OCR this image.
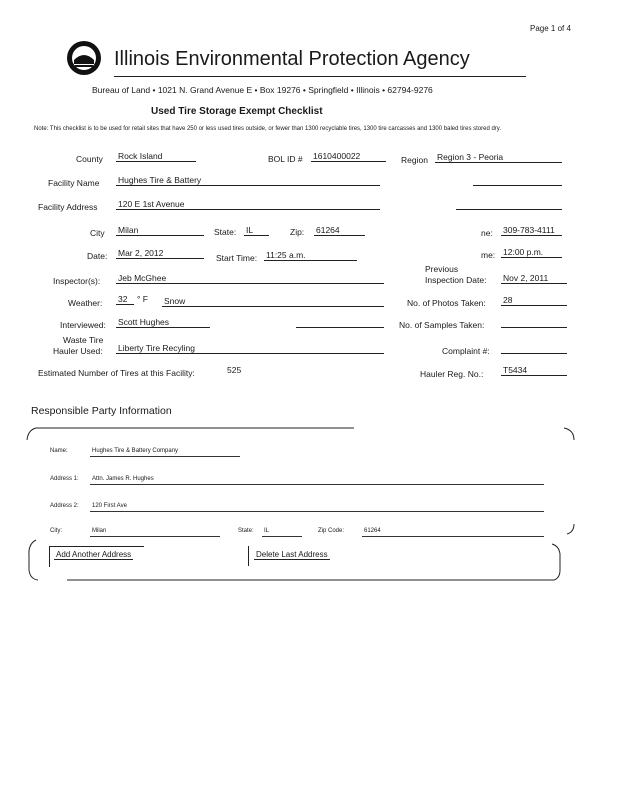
Page 1 of 4
Illinois Environmental Protection Agency
Bureau of Land • 1021 N. Grand Avenue E • Box 19276 • Springfield • Illinois • 62794-9276
Used Tire Storage Exempt Checklist
Note: This checklist is to be used for retail sites that have 250 or less used tires outside, or fewer than 1300 recyclable tires, 1300 tire carcasses and 1300 baled tires stored dry.
County Rock Island	BOL ID # 1610400022	Region Region 3 - Peoria
Facility Name Hughes Tire & Battery
Facility Address 120 E 1st Avenue
City Milan	State: IL	Zip: 61264	ne: 309-783-4111
Date: Mar 2, 2012	Start Time: 11:25 a.m.	me: 12:00 p.m.
Inspector(s): Jeb McGhee
Previous
Inspection Date: Nov 2, 2011
Weather: 32 ° F Snow	No. of Photos Taken: 28
Interviewed: Scott Hughes	No. of Samples Taken:
Waste Tire
Hauler Used: Liberty Tire Recyling	Complaint #:
Estimated Number of Tires at this Facility:	525	Hauler Reg. No.: T5434
Responsible Party Information
Name:	Hughes Tire & Battery Company
Address 1: Attn. James R. Hughes
Address 2: 120 First Ave
City:	Milan	State: IL	Zip Code:	61264
Add Another Address	Delete Last Address
